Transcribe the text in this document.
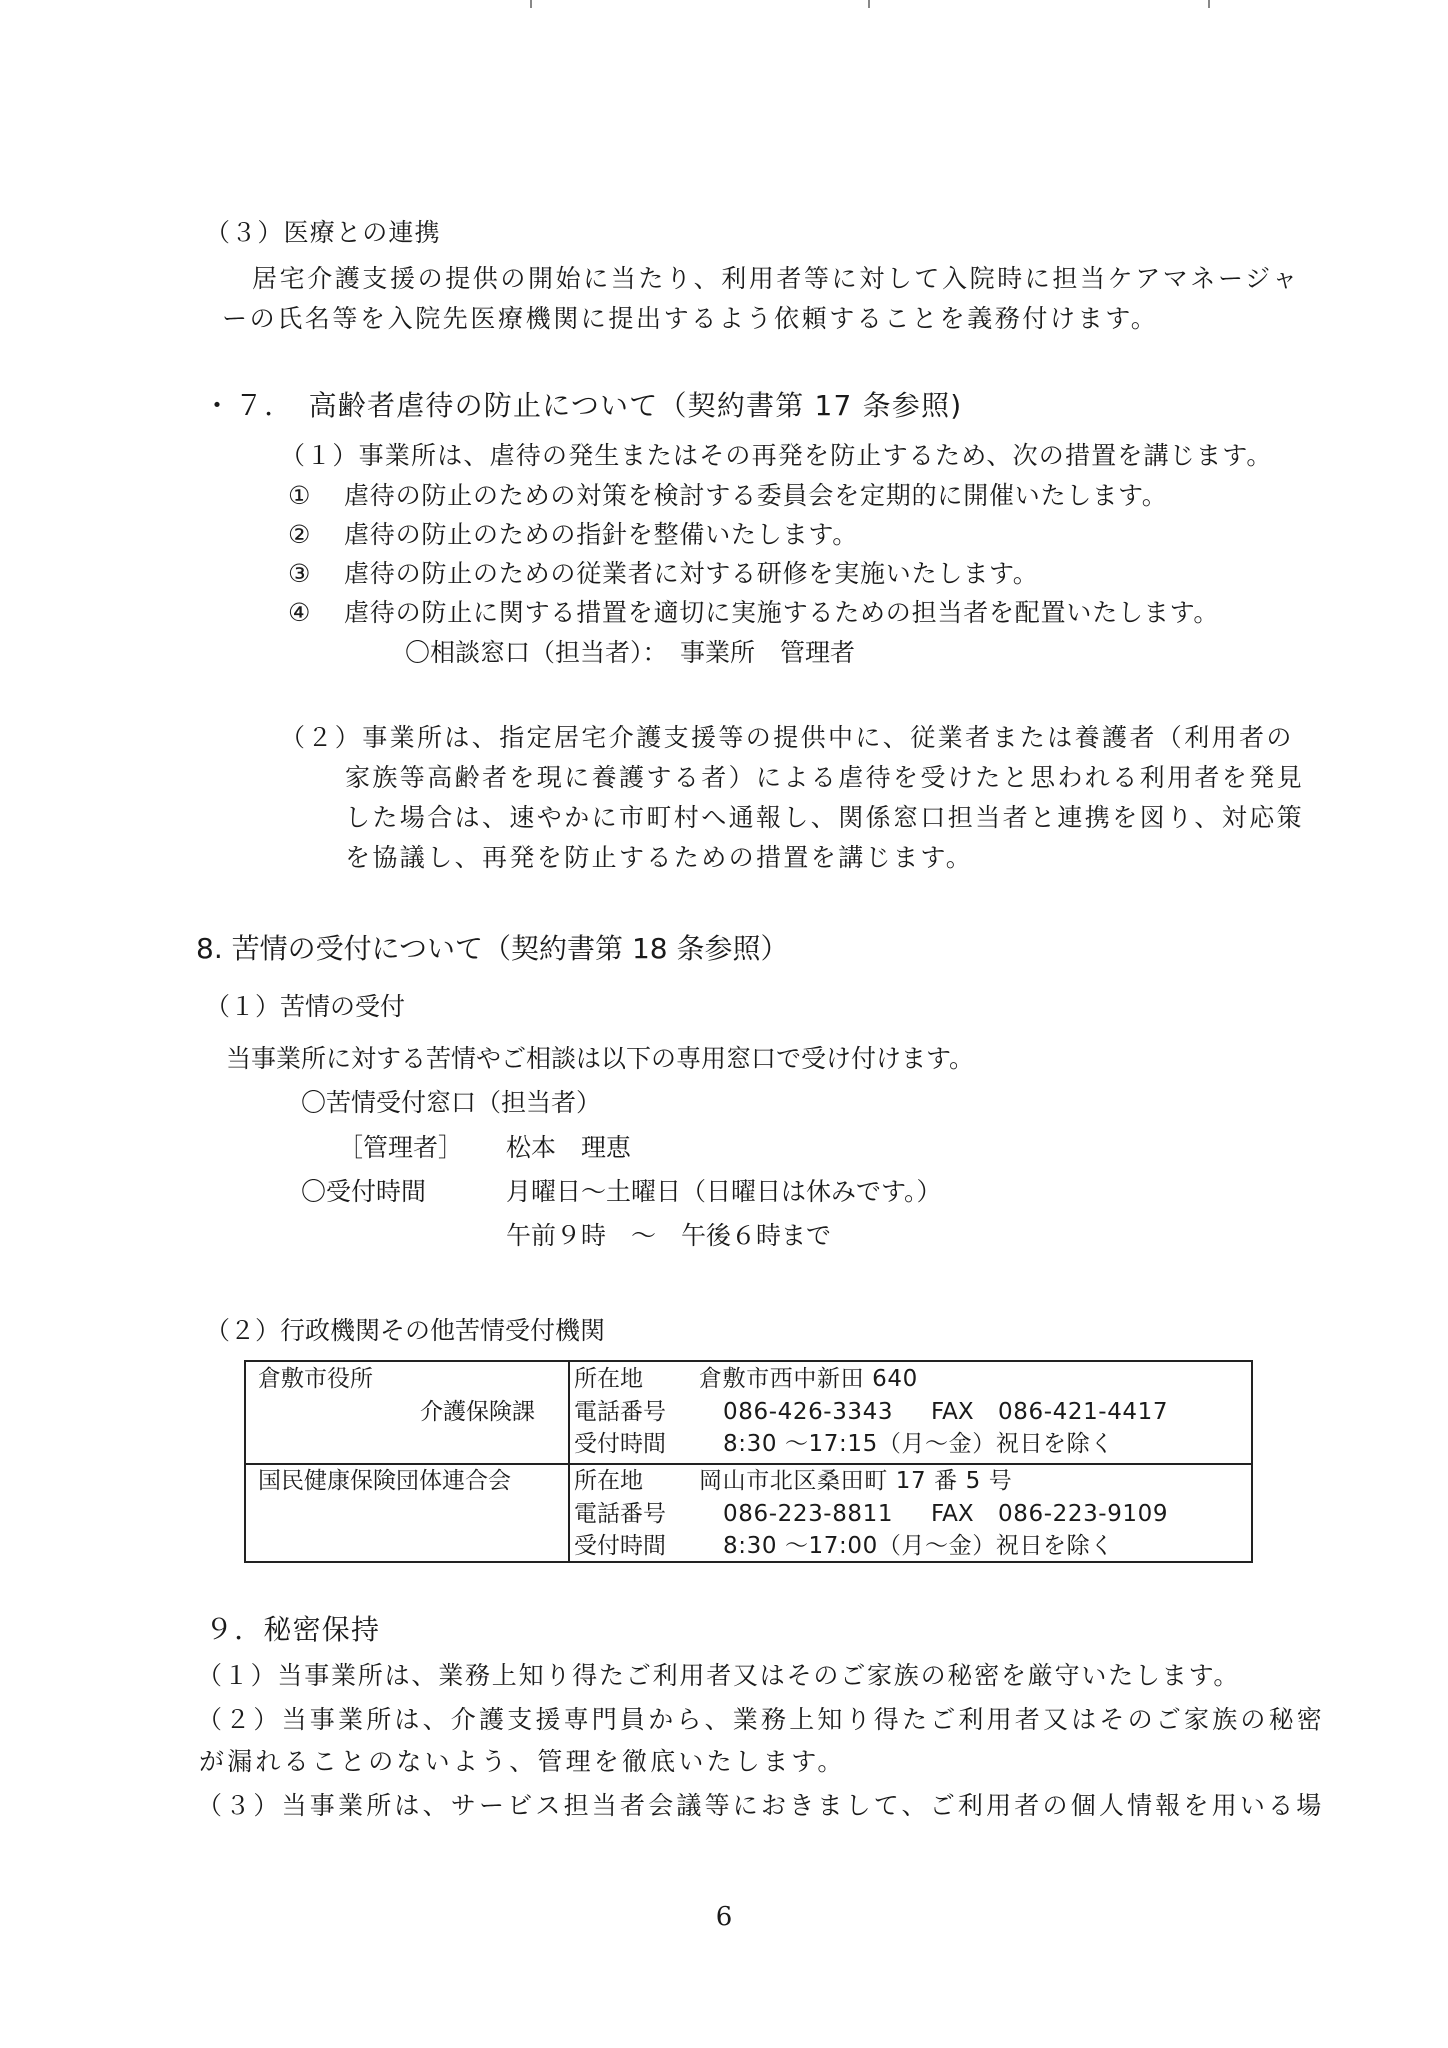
（３）医療との連携
居宅介護支援の提供の開始に当たり、利用者等に対して入院時に担当ケアマネージャ
ーの氏名等を入院先医療機関に提出するよう依頼することを義務付けます。
・ ７．　高齢者虐待の防止について（契約書第 17 条参照)
（１）事業所は、虐待の発生またはその再発を防止するため、次の措置を講じます。
① 虐待の防止のための対策を検討する委員会を定期的に開催いたします。
② 虐待の防止のための指針を整備いたします。
③ 虐待の防止のための従業者に対する研修を実施いたします。
④ 虐待の防止に関する措置を適切に実施するための担当者を配置いたします。
〇相談窓口（担当者）：　事業所　管理者
（２）事業所は、指定居宅介護支援等の提供中に、従業者または養護者（利用者の
家族等高齢者を現に養護する者）による虐待を受けたと思われる利用者を発見
した場合は、速やかに市町村へ通報し、関係窓口担当者と連携を図り、対応策
を協議し、再発を防止するための措置を講じます。
8. 苦情の受付について（契約書第 18 条参照）
（１）苦情の受付
当事業所に対する苦情やご相談は以下の専用窓口で受け付けます。
〇苦情受付窓口（担当者）
［管理者］ 松本　理恵
〇受付時間	月曜日～土曜日（日曜日は休みです。）
午前９時　～　午後６時まで
（２）行政機関その他苦情受付機関
倉敷市役所
介護保険課
所在地 倉敷市西中新田 640
電話番号 086-426-3343 FAX 086-421-4417
受付時間 8:30 ～17:15（月～金）祝日を除く
国民健康保険団体連合会	所在地 岡山市北区桑田町 17 番 5 号
電話番号 086-223-8811 FAX 086-223-9109
受付時間 8:30 ～17:00（月～金）祝日を除く
９．秘密保持
（１）当事業所は、業務上知り得たご利用者又はそのご家族の秘密を厳守いたします。
（２）当事業所は、介護支援専門員から、業務上知り得たご利用者又はそのご家族の秘密
が漏れることのないよう、管理を徹底いたします。
（３）当事業所は、サービス担当者会議等におきまして、ご利用者の個人情報を用いる場
6
